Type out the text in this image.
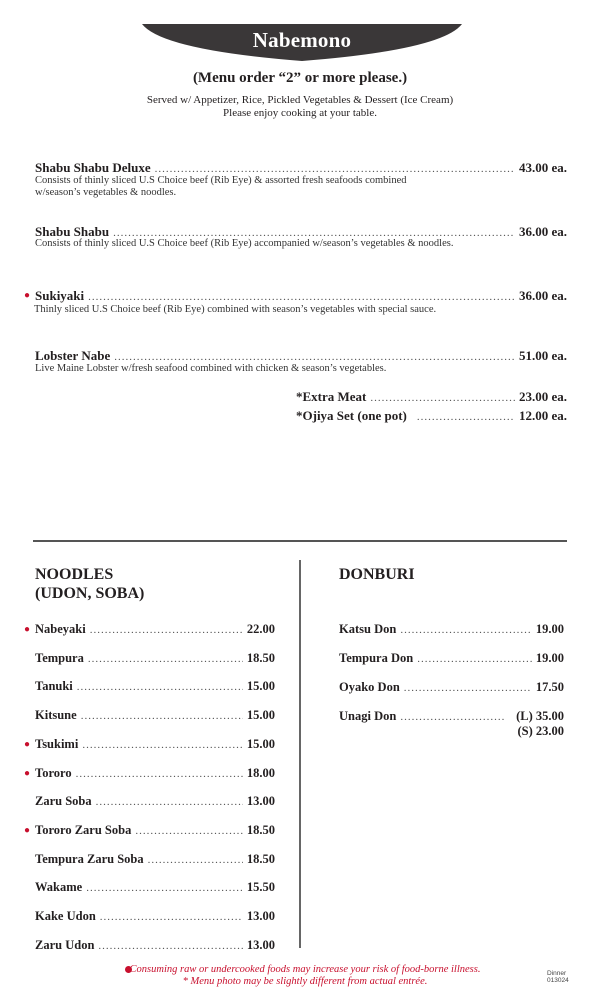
Nabemono
(Menu order “2” or more please.)
Served w/ Appetizer, Rice, Pickled Vegetables & Dessert (Ice Cream)
Please enjoy cooking at your table.
Shabu Shabu Deluxe .....	43.00 ea.
Consists of thinly sliced U.S Choice beef (Rib Eye) & assorted fresh seafoods combined
w/season’s vegetables & noodles.
Shabu Shabu .....	36.00 ea.
Consists of thinly sliced U.S Choice beef (Rib Eye) accompanied w/season’s vegetables & noodles.
● Sukiyaki .....	36.00 ea.
Thinly sliced U.S Choice beef (Rib Eye) combined with season’s vegetables with special sauce.
Lobster Nabe .....	51.00 ea.
Live Maine Lobster w/fresh seafood combined with chicken & season’s vegetables.
*Extra Meat .....	23.00 ea.
*Ojiya Set (one pot) .....	12.00 ea.
NOODLES
(UDON, SOBA)
● Nabeyaki .....	22.00
Tempura .....	18.50
Tanuki .....	15.00
Kitsune .....	15.00
● Tsukimi .....	15.00
● Tororo .....	18.00
Zaru Soba .....	13.00
● Tororo Zaru Soba .....	18.50
Tempura Zaru Soba .....	18.50
Wakame .....	15.50
Kake Udon .....	13.00
Zaru Udon .....	13.00
DONBURI
Katsu Don .....	19.00
Tempura Don .....	19.00
Oyako Don .....	17.50
Unagi Don .....	(L) 35.00
(S) 23.00
Consuming raw or undercooked foods may increase your risk of food-borne illness.
* Menu photo may be slightly different from actual entrée.
Dinner
013024
